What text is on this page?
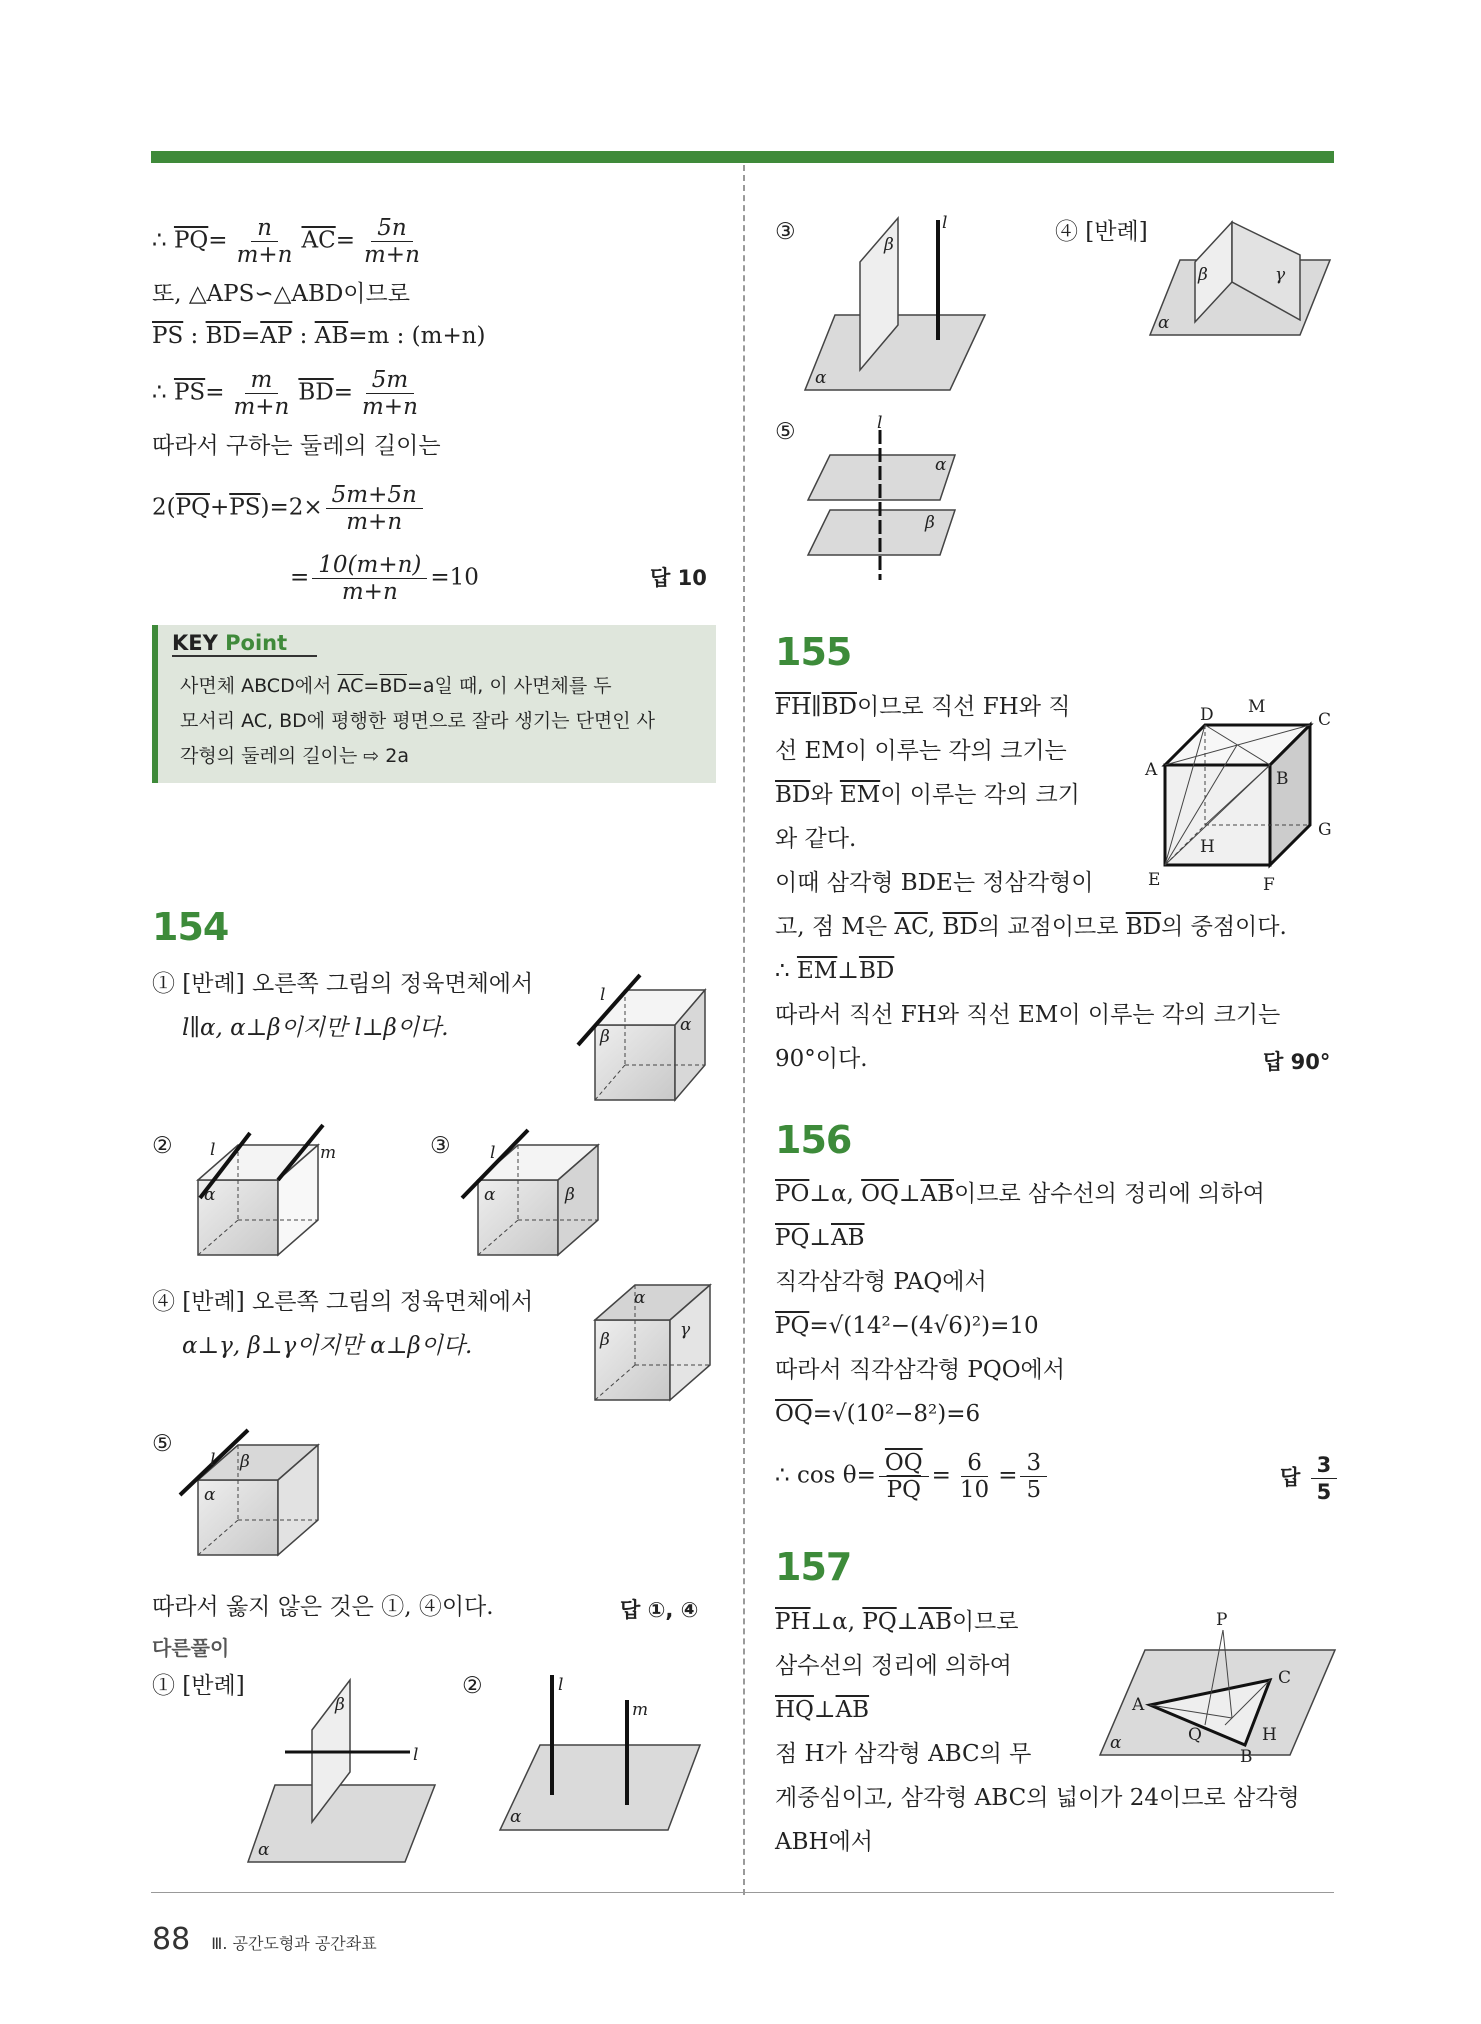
∴ $\overline{PQ}= \frac{n}{m+n} \overline{AC}= \frac{5n}{m+n}$
또, △APS∽△ABD이므로
$\overline{PS}$ : $\overline{BD}=\overline{AP}$ : $\overline{AB}=m$ : (m+n)
∴ $\overline{PS}= \frac{m}{m+n} \overline{BD}= \frac{5m}{m+n}$
따라서 구하는 둘레의 길이는
$2(\overline{PQ}+\overline{PS})=2\times \frac{5m+5n}{m+n}$
= $\frac{10(m+n)}{m+n} =10$	답 10
KEY Point
사면체 ABCD에서 $\overline{AC}=\overline{BD}=a$일 때, 이 사면체를 두
모서리 AC, BD에 평행한 평면으로 잘라 생기는 단면인 사
각형의 둘레의 길이는 ⇨ 2a
154
① [반례] 오른쪽 그림의 정육면체에서
l∥α, α⊥β이지만 l⊥β이다.
②	③
④ [반례] 오른쪽 그림의 정육면체에서
α⊥γ, β⊥γ이지만 α⊥β이다.
⑤
따라서 옳지 않은 것은 ①, ④이다.	답 ①, ④
다른풀이
① [반례]	②
l
β
α
l	m
α
l
α	β
α
β	γ
l β
α
α
β
l
α
l
m
③	④ [반례]
⑤
α
β
l
α
β	γ
l
α
β
D M
C
A	B
H
G
E	F
P
A
C
Q	H
B
α
155
$\overline{FH}\parallel\overline{BD}$이므로 직선 FH와 직
선 EM이 이루는 각의 크기는
$\overline{BD}$와 $\overline{EM}$이 이루는 각의 크기
와 같다.
이때 삼각형 BDE는 정삼각형이
고, 점 M은 $\overline{AC}$, $\overline{BD}$의 교점이므로 $\overline{BD}$의 중점이다.
∴ $\overline{EM}\perp\overline{BD}$
따라서 직선 FH와 직선 EM이 이루는 각의 크기는
90°이다.	답 90°
156
$\overline{PO}\perp\alpha$, $\overline{OQ}\perp\overline{AB}$이므로 삼수선의 정리에 의하여
$\overline{PQ}\perp\overline{AB}$
직각삼각형 PAQ에서
$\overline{PQ}=√(14^2-(4√6)^2)=10$
따라서 직각삼각형 PQO에서
$\overline{OQ}=√(10^2-8^2)=6$
∴ $\cos \theta= \frac{\overline{OQ}}{PQ} = \frac{6}{10} = \frac{3}{5}$	답 $\frac{3}{5}$
157
$\overline{PH}\perp\alpha$, $\overline{PQ}\perp\overline{AB}$이므로
삼수선의 정리에 의하여
$\overline{HQ}\perp\overline{AB}$
점 H가 삼각형 ABC의 무
게중심이고, 삼각형 ABC의 넓이가 24이므로 삼각형
ABH에서
88 Ⅲ. 공간도형과 공간좌표
